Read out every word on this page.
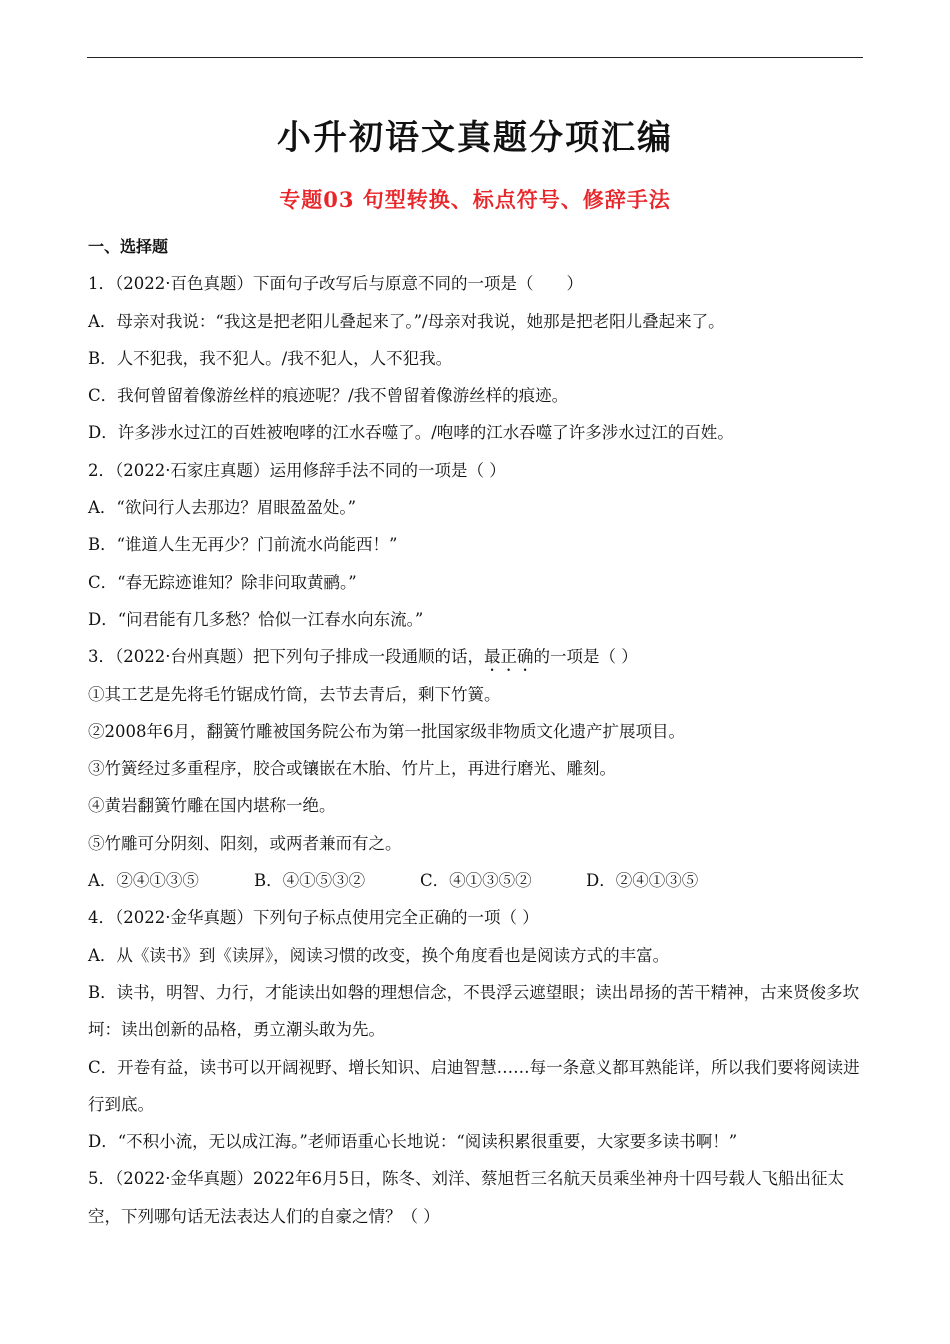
小升初语文真题分项汇编
专题03 句型转换、标点符号、修辞手法
一、选择题
1．（2022·百色真题）下面句子改写后与原意不同的一项是（　　）
A．母亲对我说：“我这是把老阳儿叠起来了。”/母亲对我说，她那是把老阳儿叠起来了。
B．人不犯我，我不犯人。/我不犯人，人不犯我。
C．我何曾留着像游丝样的痕迹呢？/我不曾留着像游丝样的痕迹。
D．许多涉水过江的百姓被咆哮的江水吞噬了。/咆哮的江水吞噬了许多涉水过江的百姓。
2．（2022·石家庄真题）运用修辞手法不同的一项是（ ）
A．“欲问行人去那边？眉眼盈盈处。”
B．“谁道人生无再少？门前流水尚能西！”
C．“春无踪迹谁知？除非问取黄鹂。”
D．“问君能有几多愁？恰似一江春水向东流。”
3．（2022·台州真题）把下列句子排成一段通顺的话，最正确的一项是（ ）
①其工艺是先将毛竹锯成竹筒，去节去青后，剩下竹簧。
②2008年6月，翻簧竹雕被国务院公布为第一批国家级非物质文化遗产扩展项目。
③竹簧经过多重程序，胶合或镶嵌在木胎、竹片上，再进行磨光、雕刻。
④黄岩翻簧竹雕在国内堪称一绝。
⑤竹雕可分阴刻、阳刻，或两者兼而有之。
A．②④①③⑤	B．④①⑤③②	C．④①③⑤②	D．②④①③⑤
4．（2022·金华真题）下列句子标点使用完全正确的一项（ ）
A．从《读书》到《读屏》，阅读习惯的改变，换个角度看也是阅读方式的丰富。
B．读书，明智、力行，才能读出如磐的理想信念，不畏浮云遮望眼；读出昂扬的苦干精神，古来贤俊多坎坷：读出创新的品格，勇立潮头敢为先。
C．开卷有益，读书可以开阔视野、增长知识、启迪智慧……每一条意义都耳熟能详，所以我们要将阅读进行到底。
D．“不积小流，无以成江海。”老师语重心长地说：“阅读积累很重要，大家要多读书啊！”
5．（2022·金华真题）2022年6月5日，陈冬、刘洋、蔡旭哲三名航天员乘坐神舟十四号载人飞船出征太空，下列哪句话无法表达人们的自豪之情？（ ）
